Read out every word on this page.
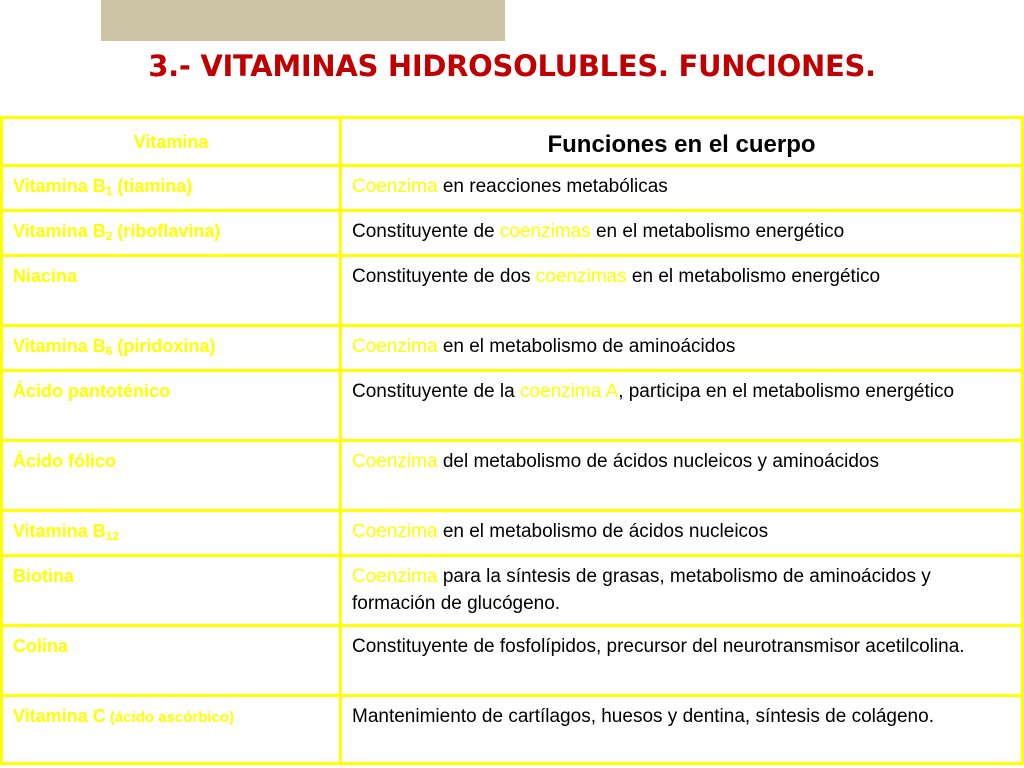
3.- VITAMINAS HIDROSOLUBLES. FUNCIONES.
Vitamina	Funciones en el cuerpo
Vitamina $B_1$ (tiamina)	Coenzima en reacciones metabólicas
Vitamina $B_2$ (riboflavina)	Constituyente de coenzimas en el metabolismo energético
Niacina	Constituyente de dos coenzimas en el metabolismo energético
Vitamina $B_6$ (piridoxina)	Coenzima en el metabolismo de aminoácidos
Ácido pantoténico	Constituyente de la coenzima A, participa en el metabolismo energético
Ácido fólico	Coenzima del metabolismo de ácidos nucleicos y aminoácidos
Vitamina $B_{12}$	Coenzima en el metabolismo de ácidos nucleicos
Biotina	Coenzima para la síntesis de grasas, metabolismo de aminoácidos y formación de glucógeno.
Colina	Constituyente de fosfolípidos, precursor del neurotransmisor acetilcolina.
Vitamina C (ácido ascórbico)	Mantenimiento de cartílagos, huesos y dentina, síntesis de colágeno.
